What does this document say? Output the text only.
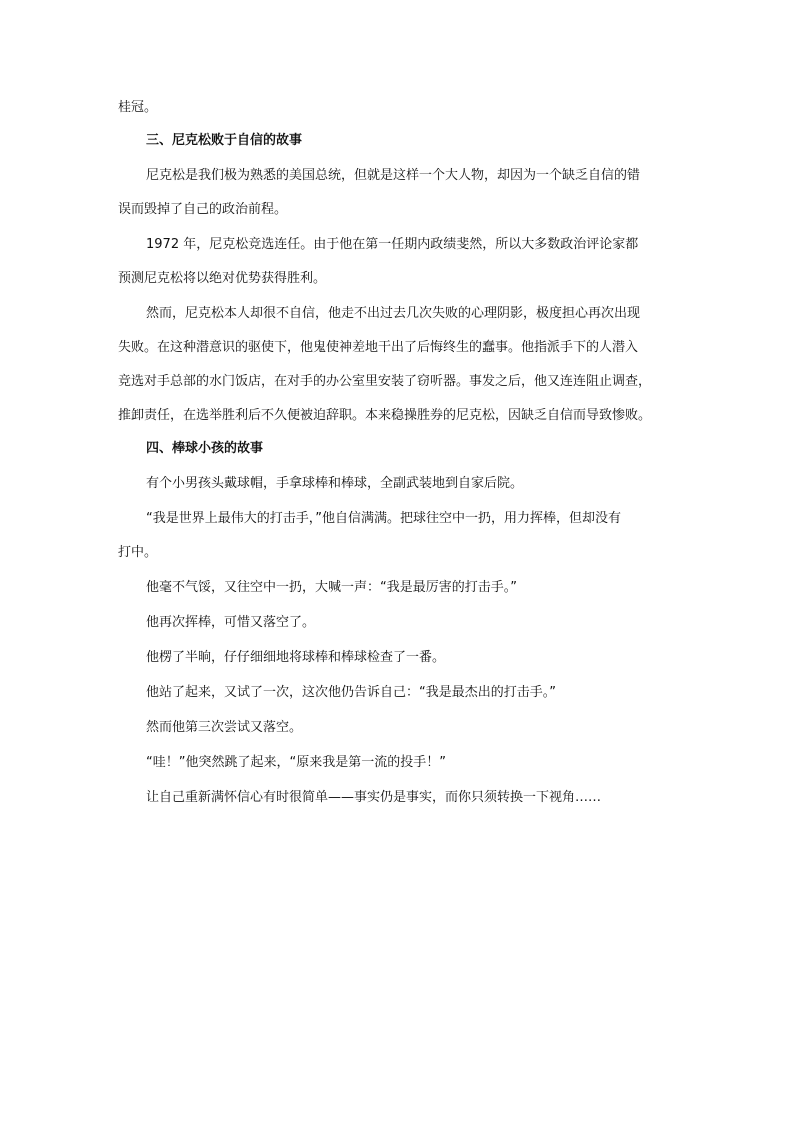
桂冠。

三、尼克松败于自信的故事

尼克松是我们极为熟悉的美国总统，但就是这样一个大人物，却因为一个缺乏自信的错

误而毁掉了自己的政治前程。

1972 年，尼克松竞选连任。由于他在第一任期内政绩斐然，所以大多数政治评论家都

预测尼克松将以绝对优势获得胜利。

然而，尼克松本人却很不自信，他走不出过去几次失败的心理阴影，极度担心再次出现

失败。在这种潜意识的驱使下，他鬼使神差地干出了后悔终生的蠢事。他指派手下的人潜入

竞选对手总部的水门饭店，在对手的办公室里安装了窃听器。事发之后，他又连连阻止调查，

推卸责任，在选举胜利后不久便被迫辞职。本来稳操胜券的尼克松，因缺乏自信而导致惨败。

四、棒球小孩的故事

有个小男孩头戴球帽，手拿球棒和棒球，全副武装地到自家后院。

“我是世界上最伟大的打击手，”他自信满满。把球往空中一扔，用力挥棒，但却没有

打中。

他毫不气馁，又往空中一扔，大喊一声：“我是最厉害的打击手。”

他再次挥棒，可惜又落空了。

他楞了半晌，仔仔细细地将球棒和棒球检查了一番。

他站了起来，又试了一次，这次他仍告诉自己：“我是最杰出的打击手。”

然而他第三次尝试又落空。

“哇！”他突然跳了起来，“原来我是第一流的投手！”

让自己重新满怀信心有时很简单——事实仍是事实，而你只须转换一下视角……
